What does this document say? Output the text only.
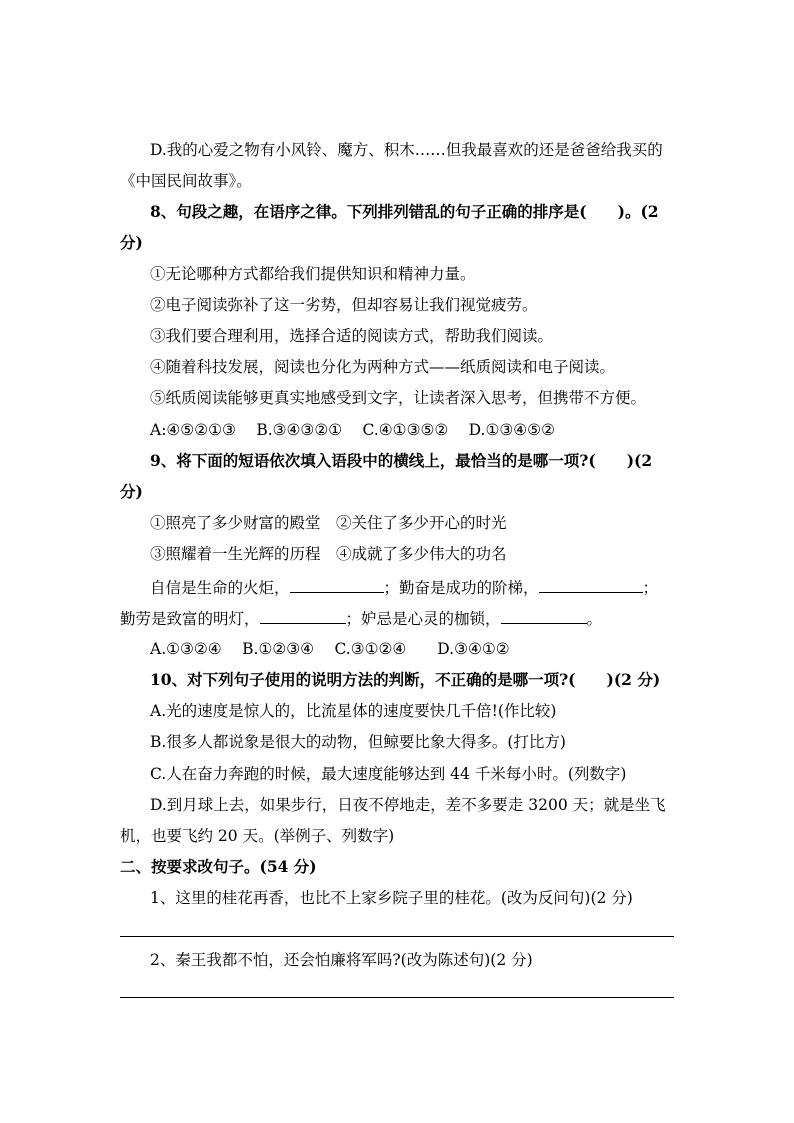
D.我的心爱之物有小风铃、魔方、积木……但我最喜欢的还是爸爸给我买的
《中国民间故事》。
8、句段之趣，在语序之律。下列排列错乱的句子正确的排序是(　　)。(2
分)
①无论哪种方式都给我们提供知识和精神力量。
②电子阅读弥补了这一劣势，但却容易让我们视觉疲劳。
③我们要合理利用，选择合适的阅读方式，帮助我们阅读。
④随着科技发展，阅读也分化为两种方式——纸质阅读和电子阅读。
⑤纸质阅读能够更真实地感受到文字，让读者深入思考，但携带不方便。
A:④⑤②①③　 B.③④③②①　 C.④①③⑤②　 D.①③④⑤②
9、将下面的短语依次填入语段中的横线上，最恰当的是哪一项?(　　)(2
分)
①照亮了多少财富的殿堂　②关住了多少开心的时光
③照耀着一生光辉的历程　④成就了多少伟大的功名
自信是生命的火炬，	；勤奋是成功的阶梯，	；
勤劳是致富的明灯，	；妒忌是心灵的枷锁，	。
A.①③②④　 B.①②③④　 C.③①②④　　D.③④①②
10、对下列句子使用的说明方法的判断，不正确的是哪一项?(　　)(2 分)
A.光的速度是惊人的，比流星体的速度要快几千倍!(作比较)
B.很多人都说象是很大的动物，但鲸要比象大得多。(打比方)
C.人在奋力奔跑的时候，最大速度能够达到 44 千米每小时。(列数字)
D.到月球上去，如果步行，日夜不停地走，差不多要走 3200 天；就是坐飞
机，也要飞约 20 天。(举例子、列数字)
二、按要求改句子。(54 分)
1、这里的桂花再香，也比不上家乡院子里的桂花。(改为反问句)(2 分)
2、秦王我都不怕，还会怕廉将军吗?(改为陈述句)(2 分)
